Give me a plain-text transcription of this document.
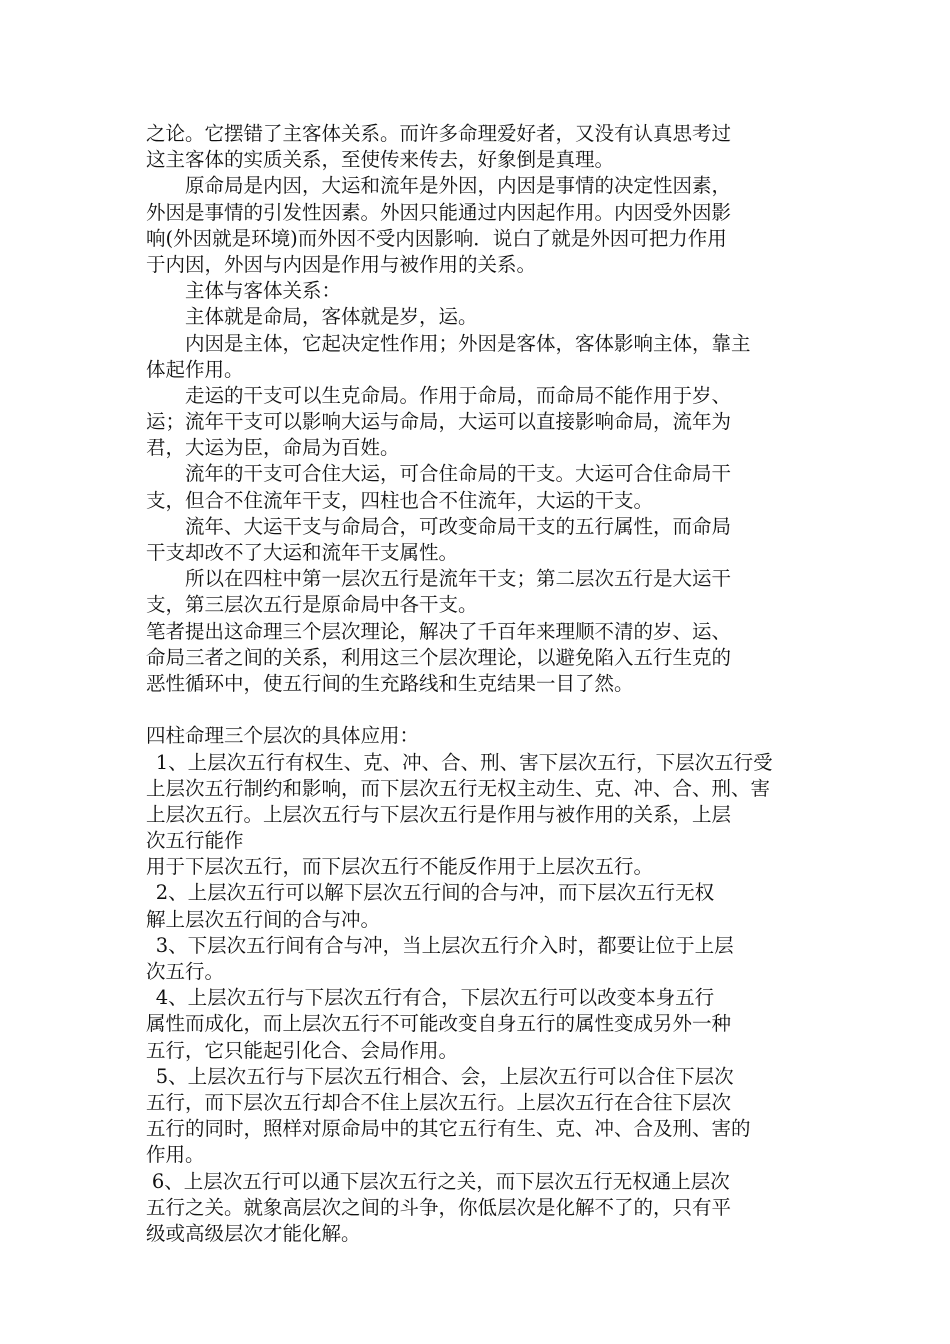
之论。它摆错了主客体关系。而许多命理爱好者，又没有认真思考过
这主客体的实质关系，至使传来传去，好象倒是真理。
原命局是内因，大运和流年是外因，内因是事情的决定性因素，
外因是事情的引发性因素。外因只能通过内因起作用。内因受外因影
响(外因就是环境)而外因不受内因影响．说白了就是外因可把力作用
于内因，外因与内因是作用与被作用的关系。
主体与客体关系：
主体就是命局，客体就是岁，运。
内因是主体，它起决定性作用；外因是客体，客体影响主体，靠主
体起作用。
走运的干支可以生克命局。作用于命局，而命局不能作用于岁、
运；流年干支可以影响大运与命局，大运可以直接影响命局，流年为
君，大运为臣，命局为百姓。
流年的干支可合住大运，可合住命局的干支。大运可合住命局干
支，但合不住流年干支，四柱也合不住流年，大运的干支。
流年、大运干支与命局合，可改变命局干支的五行属性，而命局
干支却改不了大运和流年干支属性。
所以在四柱中第一层次五行是流年干支；第二层次五行是大运干
支，第三层次五行是原命局中各干支。
笔者提出这命理三个层次理论，解决了千百年来理顺不清的岁、运、
命局三者之间的关系，利用这三个层次理论，以避免陷入五行生克的
恶性循环中，使五行间的生充路线和生克结果一目了然。
四柱命理三个层次的具体应用：
1、上层次五行有权生、克、冲、合、刑、害下层次五行，下层次五行受
上层次五行制约和影响，而下层次五行无权主动生、克、冲、合、刑、害
上层次五行。上层次五行与下层次五行是作用与被作用的关系，上层
次五行能作
用于下层次五行，而下层次五行不能反作用于上层次五行。
2、上层次五行可以解下层次五行间的合与冲，而下层次五行无权
解上层次五行间的合与冲。
3、下层次五行间有合与冲，当上层次五行介入时，都要让位于上层
次五行。
4、上层次五行与下层次五行有合，下层次五行可以改变本身五行
属性而成化，而上层次五行不可能改变自身五行的属性变成另外一种
五行，它只能起引化合、会局作用。
5、上层次五行与下层次五行相合、会，上层次五行可以合住下层次
五行，而下层次五行却合不住上层次五行。上层次五行在合往下层次
五行的同时，照样对原命局中的其它五行有生、克、冲、合及刑、害的
作用。
6、上层次五行可以通下层次五行之关，而下层次五行无权通上层次
五行之关。就象高层次之间的斗争，你低层次是化解不了的，只有平
级或高级层次才能化解。
